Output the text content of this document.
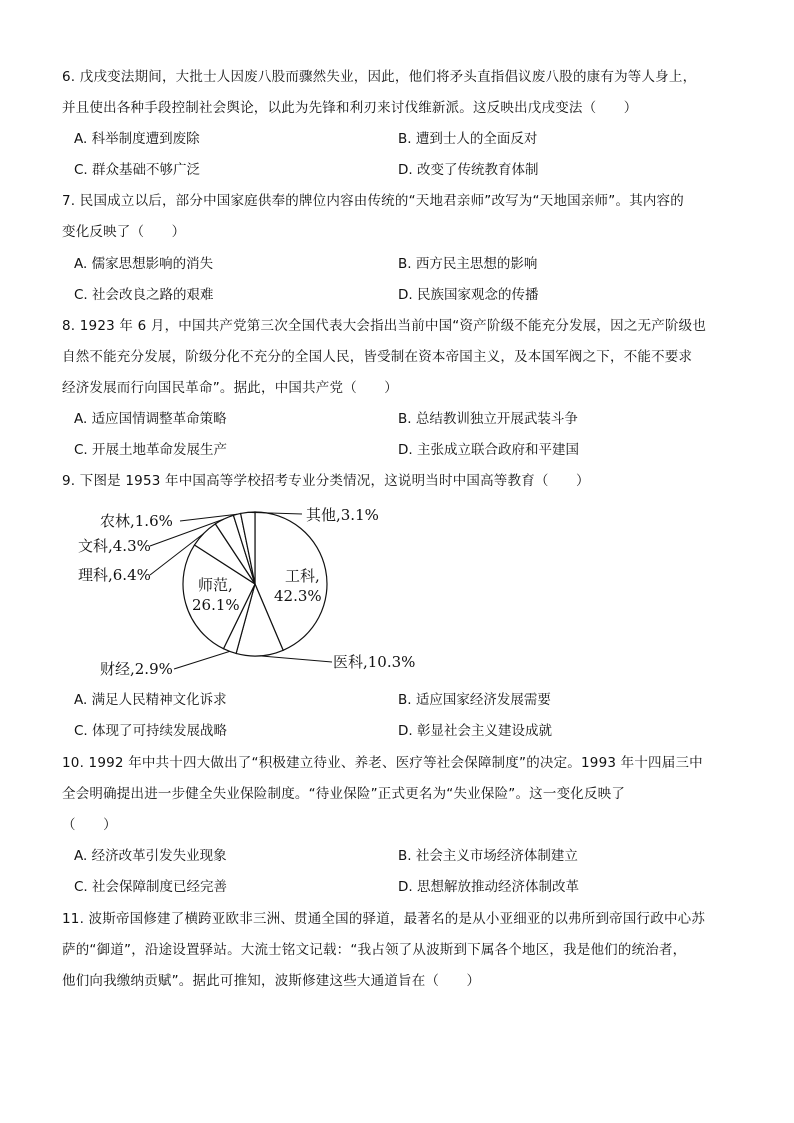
6. 戊戌变法期间，大批士人因废八股而骤然失业，因此，他们将矛头直指倡议废八股的康有为等人身上，
并且使出各种手段控制社会舆论，以此为先锋和利刃来讨伐维新派。这反映出戊戌变法（　　）
A. 科举制度遭到废除	B. 遭到士人的全面反对
C. 群众基础不够广泛	D. 改变了传统教育体制
7. 民国成立以后，部分中国家庭供奉的牌位内容由传统的“天地君亲师”改写为“天地国亲师”。其内容的
变化反映了（　　）
A. 儒家思想影响的消失	B. 西方民主思想的影响
C. 社会改良之路的艰难	D. 民族国家观念的传播
8. 1923 年 6 月，中国共产党第三次全国代表大会指出当前中国“资产阶级不能充分发展，因之无产阶级也
自然不能充分发展，阶级分化不充分的全国人民，皆受制在资本帝国主义，及本国军阀之下，不能不要求
经济发展而行向国民革命”。据此，中国共产党（　　）
A. 适应国情调整革命策略	B. 总结教训独立开展武装斗争
C. 开展土地革命发展生产	D. 主张成立联合政府和平建国
9. 下图是 1953 年中国高等学校招考专业分类情况，这说明当时中国高等教育（　　）
工科,
42.3%
师范,
26.1%
其他,3.1%
农林,1.6%
文科,4.3%
理科,6.4%
医科,10.3%
财经,2.9%
A. 满足人民精神文化诉求	B. 适应国家经济发展需要
C. 体现了可持续发展战略	D. 彰显社会主义建设成就
10. 1992 年中共十四大做出了“积极建立待业、养老、医疗等社会保障制度”的决定。1993 年十四届三中
全会明确提出进一步健全失业保险制度。“待业保险”正式更名为“失业保险”。这一变化反映了
（　　）
A. 经济改革引发失业现象	B. 社会主义市场经济体制建立
C. 社会保障制度已经完善	D. 思想解放推动经济体制改革
11. 波斯帝国修建了横跨亚欧非三洲、贯通全国的驿道，最著名的是从小亚细亚的以弗所到帝国行政中心苏
萨的“御道”，沿途设置驿站。大流士铭文记载：“我占领了从波斯到下属各个地区，我是他们的统治者，
他们向我缴纳贡赋”。据此可推知，波斯修建这些大通道旨在（　　）
